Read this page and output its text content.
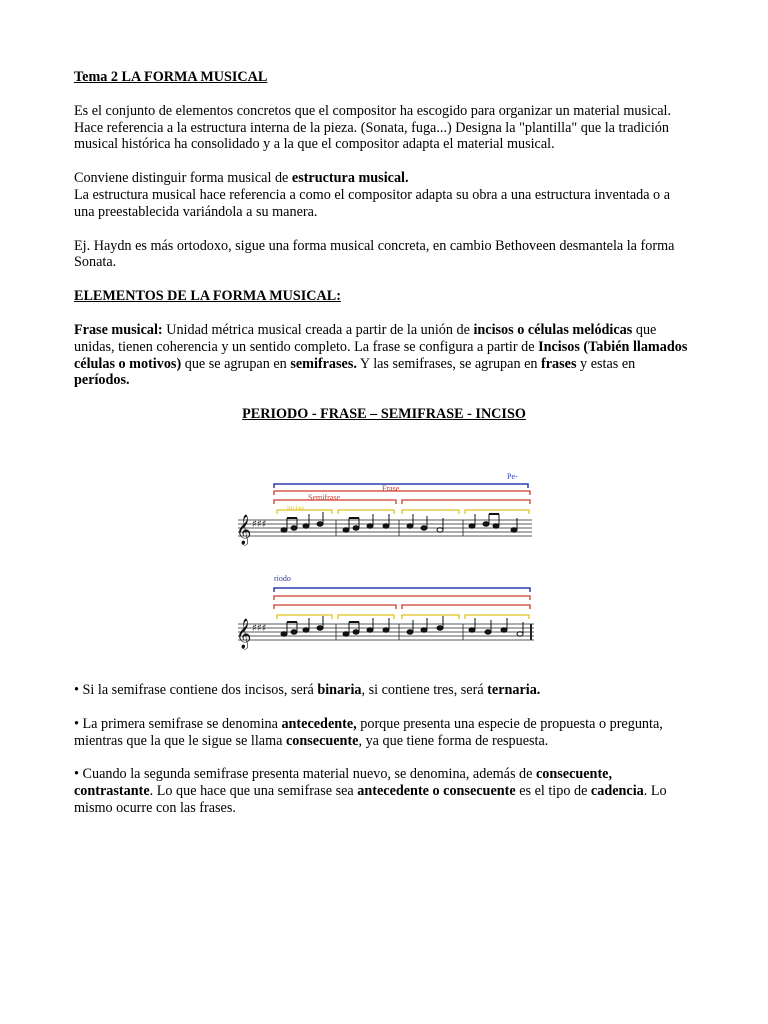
Tema 2 LA FORMA MUSICAL

Es el conjunto de elementos concretos que el compositor ha escogido para organizar un material musical. Hace referencia a la estructura interna de la pieza. (Sonata, fuga...) Designa la "plantilla" que la tradición musical histórica ha consolidado y a la que el compositor adapta el material musical.

Conviene distinguir forma musical de estructura musical.
La estructura musical hace referencia a como el compositor adapta su obra a una estructura inventada o a una preestablecida variándola a su manera.

Ej. Haydn es más ortodoxo, sigue una forma musical concreta, en cambio Bethoveen desmantela la forma Sonata.

ELEMENTOS DE LA FORMA MUSICAL:

Frase musical: Unidad métrica musical creada a partir de la unión de incisos o células melódicas que unidas, tienen coherencia y un sentido completo. La frase se configura a partir de Incisos (Tabién llamados células o motivos) que se agrupan en semifrases. Y las semifrases, se agrupan en frases y estas en períodos.

PERIODO - FRASE – SEMIFRASE - INCISO

Pe-
Frase
Semifrase
inciso
𝄞 ♯♯♯
riodo
𝄞 ♯♯♯

• Si la semifrase contiene dos incisos, será binaria, si contiene tres, será ternaria.

• La primera semifrase se denomina antecedente, porque presenta una especie de propuesta o pregunta, mientras que la que le sigue se llama consecuente, ya que tiene forma de respuesta.

• Cuando la segunda semifrase presenta material nuevo, se denomina, además de consecuente, contrastante. Lo que hace que una semifrase sea antecedente o consecuente es el tipo de cadencia. Lo mismo ocurre con las frases.
